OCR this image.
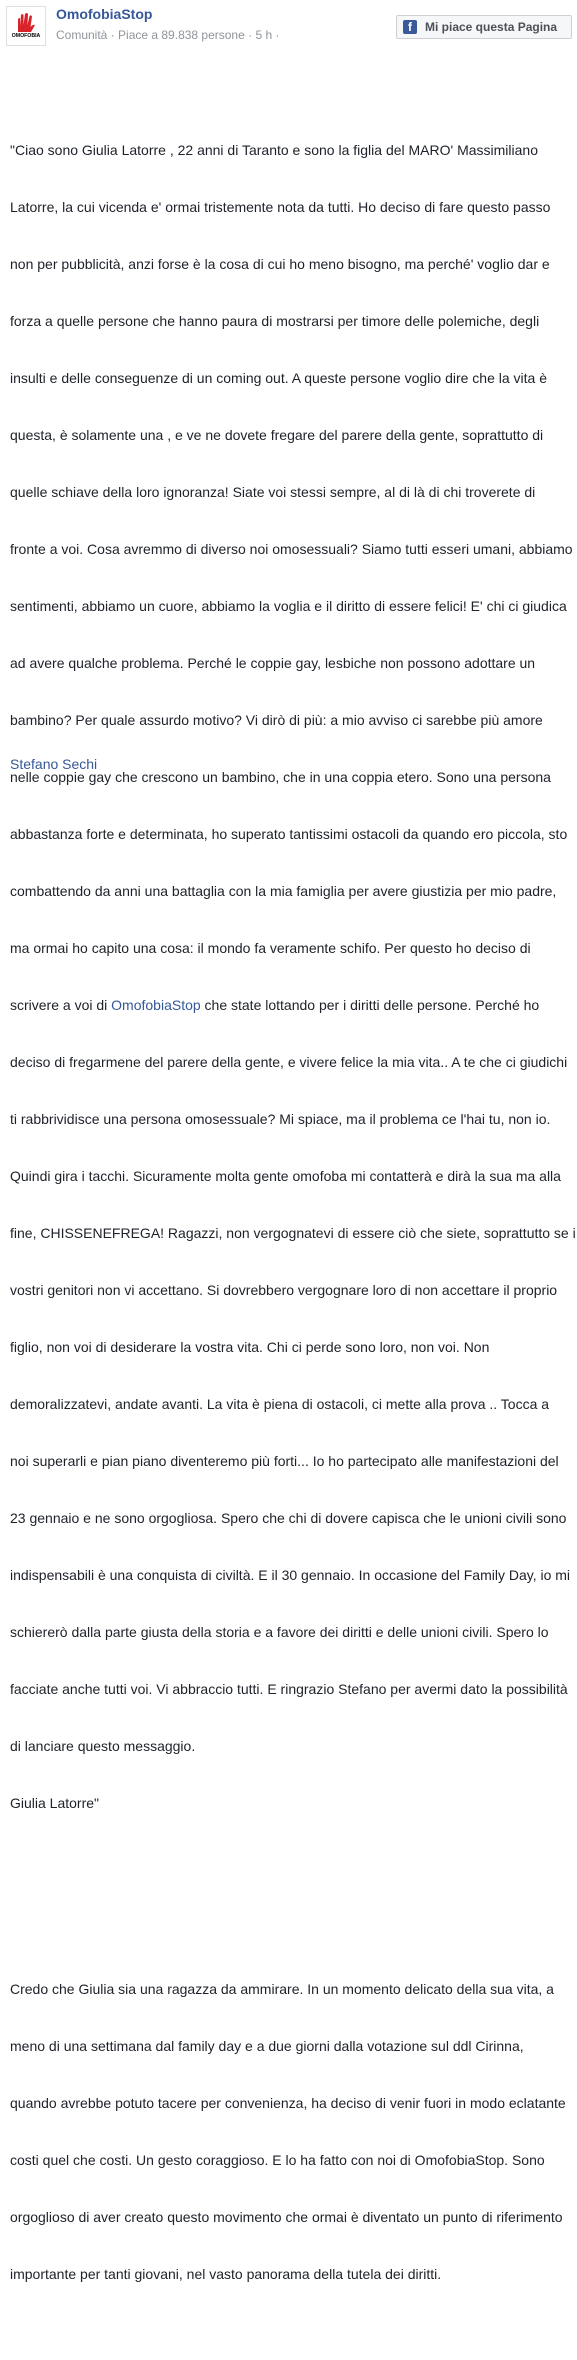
OMOFOBIA
OmofobiaStop
Comunità · Piace a 89.838 persone · 5 h ·
f	Mi piace questa Pagina

"Ciao sono Giulia Latorre , 22 anni di Taranto e sono la figlia del MARO' Massimiliano

Latorre, la cui vicenda e' ormai tristemente nota da tutti. Ho deciso di fare questo passo

non per pubblicità, anzi forse è la cosa di cui ho meno bisogno, ma perché' voglio dar e

forza a quelle persone che hanno paura di mostrarsi per timore delle polemiche, degli

insulti e delle conseguenze di un coming out. A queste persone voglio dire che la vita è

questa, è solamente una , e ve ne dovete fregare del parere della gente, soprattutto di

quelle schiave della loro ignoranza! Siate voi stessi sempre, al di là di chi troverete di

fronte a voi. Cosa avremmo di diverso noi omosessuali? Siamo tutti esseri umani, abbiamo

sentimenti, abbiamo un cuore, abbiamo la voglia e il diritto di essere felici! E' chi ci giudica

ad avere qualche problema. Perché le coppie gay, lesbiche non possono adottare un

bambino? Per quale assurdo motivo? Vi dirò di più: a mio avviso ci sarebbe più amore

nelle coppie gay che crescono un bambino, che in una coppia etero. Sono una persona

abbastanza forte e determinata, ho superato tantissimi ostacoli da quando ero piccola, sto

combattendo da anni una battaglia con la mia famiglia per avere giustizia per mio padre,

ma ormai ho capito una cosa: il mondo fa veramente schifo. Per questo ho deciso di

scrivere a voi di OmofobiaStop che state lottando per i diritti delle persone. Perché ho

deciso di fregarmene del parere della gente, e vivere felice la mia vita.. A te che ci giudichi

ti rabbrividisce una persona omosessuale? Mi spiace, ma il problema ce l'hai tu, non io.

Quindi gira i tacchi. Sicuramente molta gente omofoba mi contatterà e dirà la sua ma alla

fine, CHISSENEFREGA! Ragazzi, non vergognatevi di essere ciò che siete, soprattutto se i

vostri genitori non vi accettano. Si dovrebbero vergognare loro di non accettare il proprio

figlio, non voi di desiderare la vostra vita. Chi ci perde sono loro, non voi. Non

demoralizzatevi, andate avanti. La vita è piena di ostacoli, ci mette alla prova .. Tocca a

noi superarli e pian piano diventeremo più forti... Io ho partecipato alle manifestazioni del

23 gennaio e ne sono orgogliosa. Spero che chi di dovere capisca che le unioni civili sono

indispensabili è una conquista di civiltà. E il 30 gennaio. In occasione del Family Day, io mi

schiererò dalla parte giusta della storia e a favore dei diritti e delle unioni civili. Spero lo

facciate anche tutti voi. Vi abbraccio tutti. E ringrazio Stefano per avermi dato la possibilità

di lanciare questo messaggio.

Giulia Latorre"

Credo che Giulia sia una ragazza da ammirare. In un momento delicato della sua vita, a

meno di una settimana dal family day e a due giorni dalla votazione sul ddl Cirinna,

quando avrebbe potuto tacere per convenienza, ha deciso di venir fuori in modo eclatante

costi quel che costi. Un gesto coraggioso. E lo ha fatto con noi di OmofobiaStop. Sono

orgoglioso di aver creato questo movimento che ormai è diventato un punto di riferimento

importante per tanti giovani, nel vasto panorama della tutela dei diritti.

Stefano Sechi
